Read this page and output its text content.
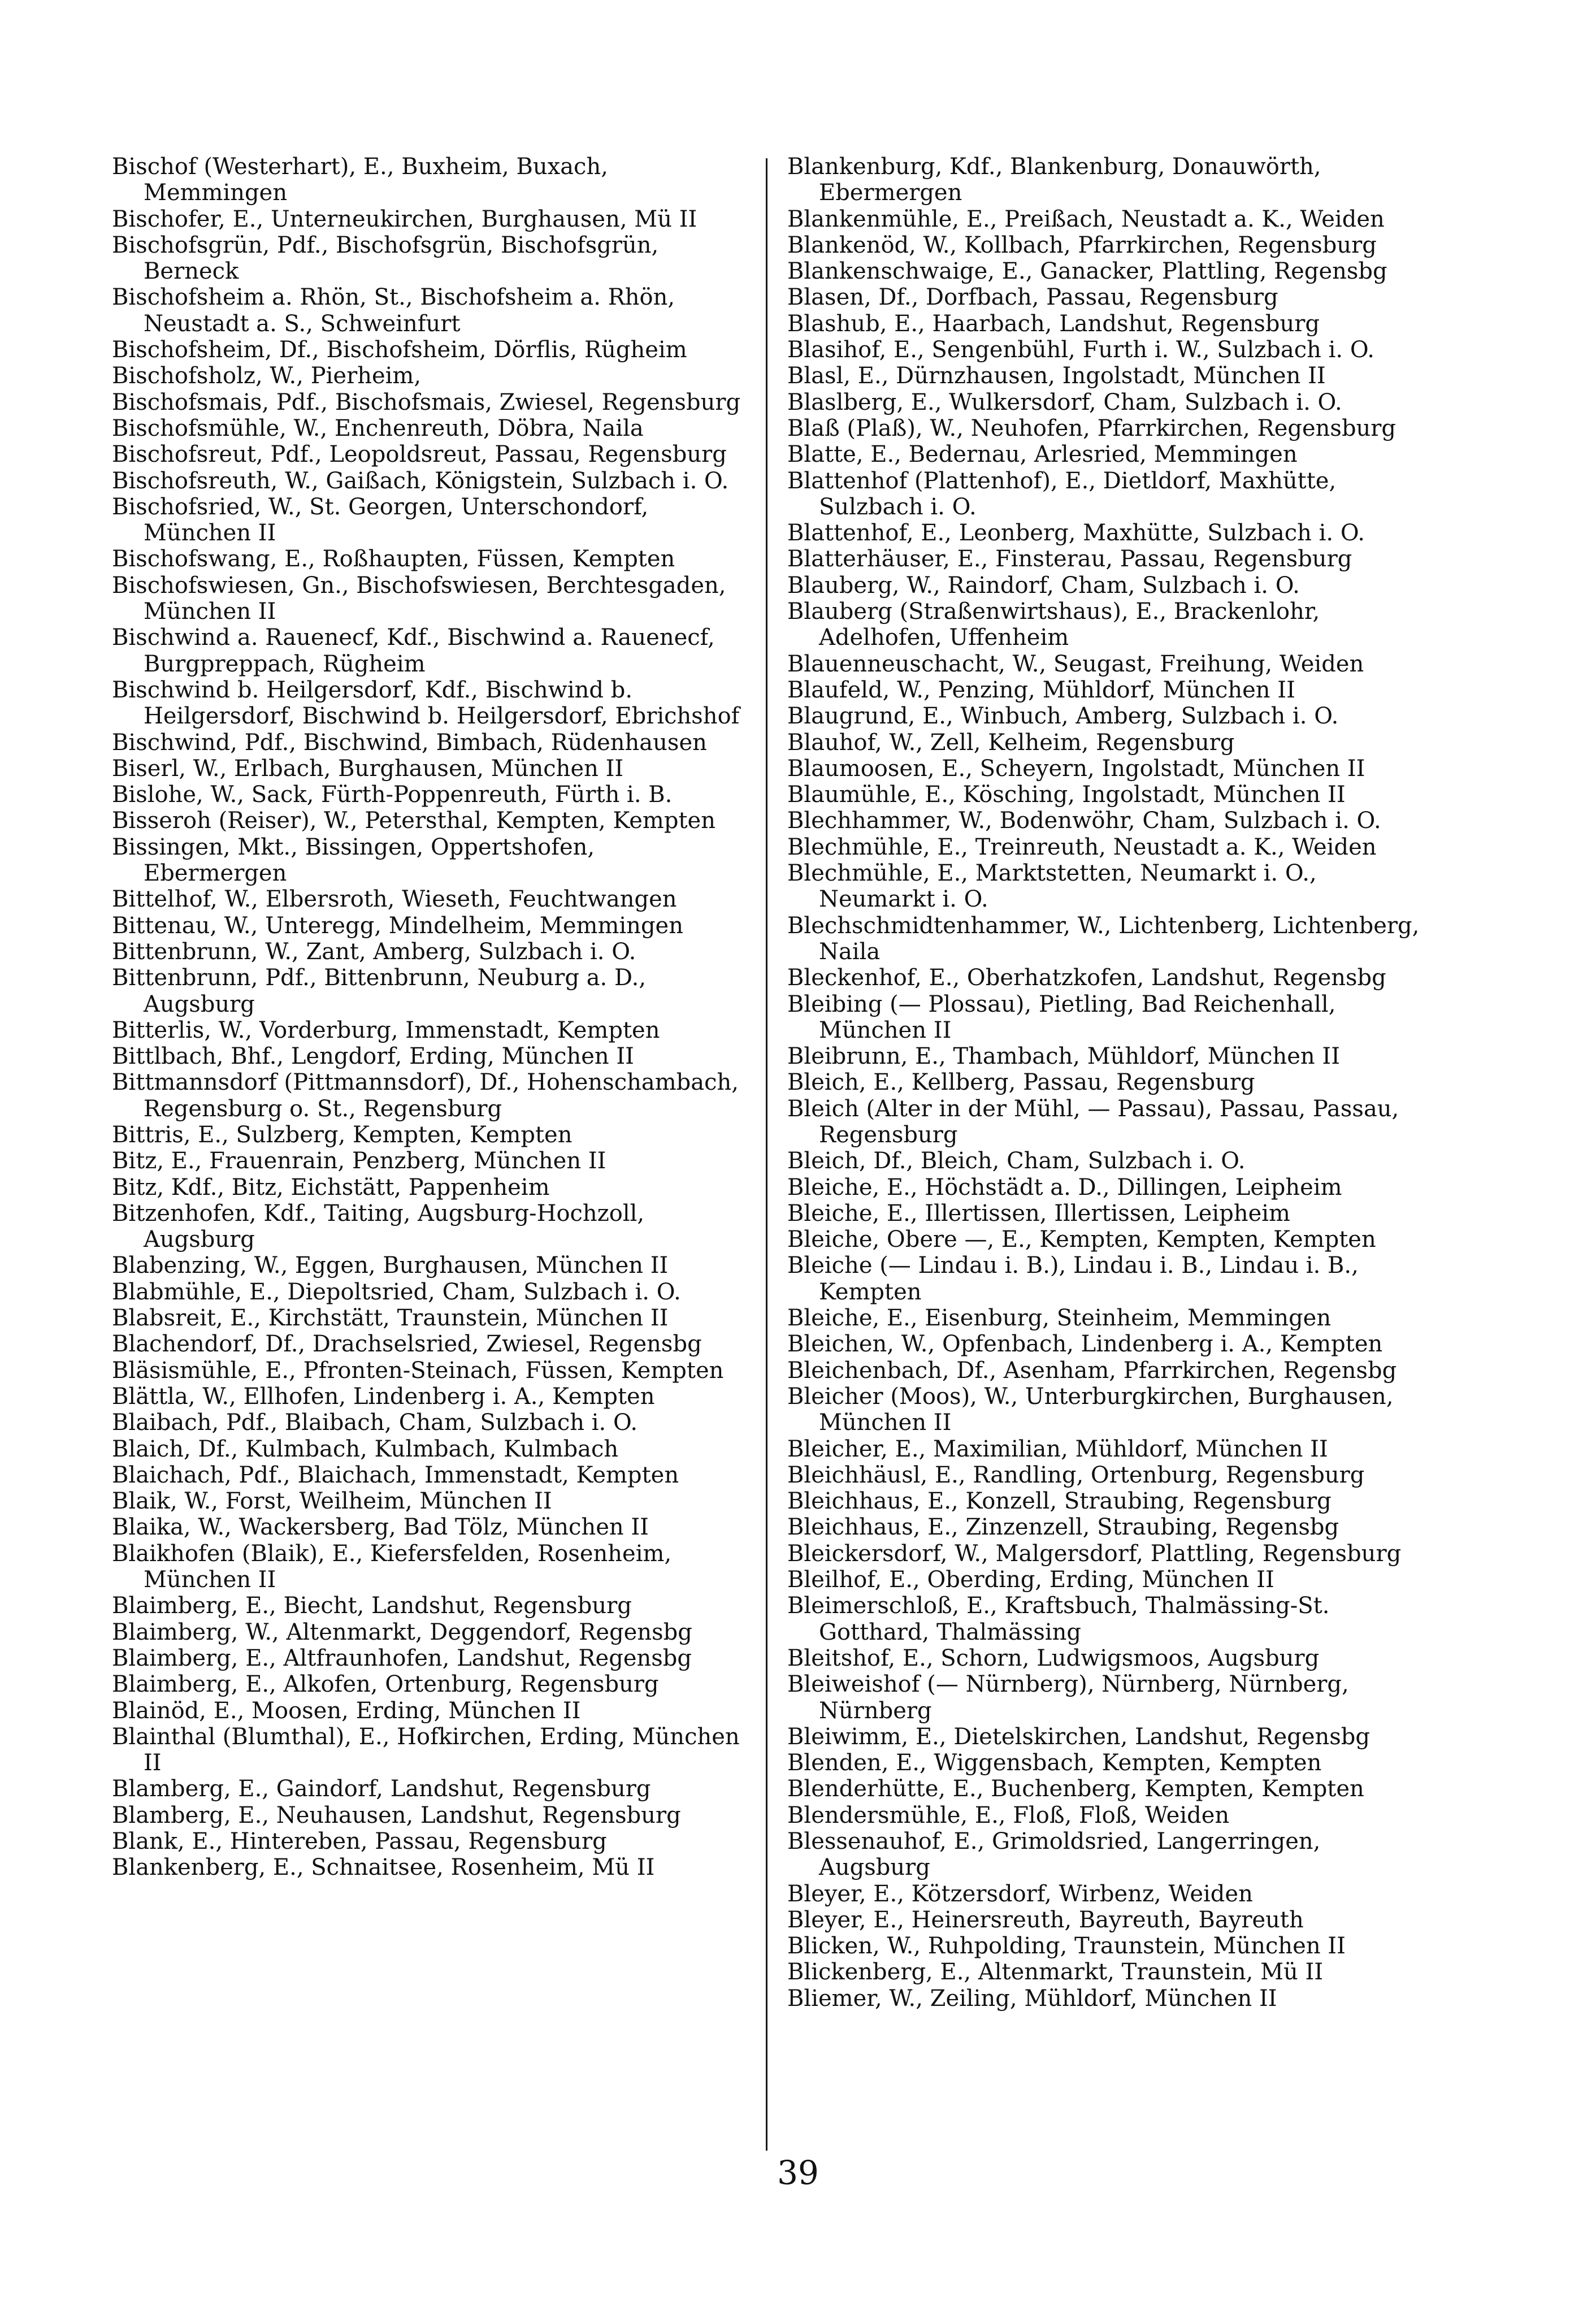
Bischof (Westerhart), E., Buxheim, Buxach, Memmingen
Bischofer, E., Unterneukirchen, Burghausen, Mü II
Bischofsgrün, Pdf., Bischofsgrün, Bischofsgrün, Berneck
Bischofsheim a. Rhön, St., Bischofsheim a. Rhön, Neustadt a. S., Schweinfurt
Bischofsheim, Df., Bischofsheim, Dörflis, Rügheim
Bischofsholz, W., Pierheim,
Bischofsmais, Pdf., Bischofsmais, Zwiesel, Regensburg
Bischofsmühle, W., Enchenreuth, Döbra, Naila
Bischofsreut, Pdf., Leopoldsreut, Passau, Regensburg
Bischofsreuth, W., Gaißach, Königstein, Sulzbach i. O.
Bischofsried, W., St. Georgen, Unterschondorf, München II
Bischofswang, E., Roßhaupten, Füssen, Kempten
Bischofswiesen, Gn., Bischofswiesen, Berchtesgaden, München II
Bischwind a. Rauenecf, Kdf., Bischwind a. Rauenecf, Burgpreppach, Rügheim
Bischwind b. Heilgersdorf, Kdf., Bischwind b. Heilgersdorf, Bischwind b. Heilgersdorf, Ebrichshof
Bischwind, Pdf., Bischwind, Bimbach, Rüdenhausen
Biserl, W., Erlbach, Burghausen, München II
Bislohe, W., Sack, Fürth-Poppenreuth, Fürth i. B.
Bisseroh (Reiser), W., Petersthal, Kempten, Kempten
Bissingen, Mkt., Bissingen, Oppertshofen, Ebermergen
Bittelhof, W., Elbersroth, Wieseth, Feuchtwangen
Bittenau, W., Unteregg, Mindelheim, Memmingen
Bittenbrunn, W., Zant, Amberg, Sulzbach i. O.
Bittenbrunn, Pdf., Bittenbrunn, Neuburg a. D., Augsburg
Bitterlis, W., Vorderburg, Immenstadt, Kempten
Bittlbach, Bhf., Lengdorf, Erding, München II
Bittmannsdorf (Pittmannsdorf), Df., Hohenschambach, Regensburg o. St., Regensburg
Bittris, E., Sulzberg, Kempten, Kempten
Bitz, E., Frauenrain, Penzberg, München II
Bitz, Kdf., Bitz, Eichstätt, Pappenheim
Bitzenhofen, Kdf., Taiting, Augsburg-Hochzoll, Augsburg
Blabenzing, W., Eggen, Burghausen, München II
Blabmühle, E., Diepoltsried, Cham, Sulzbach i. O.
Blabsreit, E., Kirchstätt, Traunstein, München II
Blachendorf, Df., Drachselsried, Zwiesel, Regensbg
Bläsismühle, E., Pfronten-Steinach, Füssen, Kempten
Blättla, W., Ellhofen, Lindenberg i. A., Kempten
Blaibach, Pdf., Blaibach, Cham, Sulzbach i. O.
Blaich, Df., Kulmbach, Kulmbach, Kulmbach
Blaichach, Pdf., Blaichach, Immenstadt, Kempten
Blaik, W., Forst, Weilheim, München II
Blaika, W., Wackersberg, Bad Tölz, München II
Blaikhofen (Blaik), E., Kiefersfelden, Rosenheim, München II
Blaimberg, E., Biecht, Landshut, Regensburg
Blaimberg, W., Altenmarkt, Deggendorf, Regensbg
Blaimberg, E., Altfraunhofen, Landshut, Regensbg
Blaimberg, E., Alkofen, Ortenburg, Regensburg
Blainöd, E., Moosen, Erding, München II
Blainthal (Blumthal), E., Hofkirchen, Erding, München II
Blamberg, E., Gaindorf, Landshut, Regensburg
Blamberg, E., Neuhausen, Landshut, Regensburg
Blank, E., Hintereben, Passau, Regensburg
Blankenberg, E., Schnaitsee, Rosenheim, Mü II
Blankenburg, Kdf., Blankenburg, Donauwörth, Ebermergen
Blankenmühle, E., Preißach, Neustadt a. K., Weiden
Blankenöd, W., Kollbach, Pfarrkirchen, Regensburg
Blankenschwaige, E., Ganacker, Plattling, Regensbg
Blasen, Df., Dorfbach, Passau, Regensburg
Blashub, E., Haarbach, Landshut, Regensburg
Blasihof, E., Sengenbühl, Furth i. W., Sulzbach i. O.
Blasl, E., Dürnzhausen, Ingolstadt, München II
Blaslberg, E., Wulkersdorf, Cham, Sulzbach i. O.
Blaß (Plaß), W., Neuhofen, Pfarrkirchen, Regensburg
Blatte, E., Bedernau, Arlesried, Memmingen
Blattenhof (Plattenhof), E., Dietldorf, Maxhütte, Sulzbach i. O.
Blattenhof, E., Leonberg, Maxhütte, Sulzbach i. O.
Blatterhäuser, E., Finsterau, Passau, Regensburg
Blauberg, W., Raindorf, Cham, Sulzbach i. O.
Blauberg (Straßenwirtshaus), E., Brackenlohr, Adelhofen, Uffenheim
Blauenneuschacht, W., Seugast, Freihung, Weiden
Blaufeld, W., Penzing, Mühldorf, München II
Blaugrund, E., Winbuch, Amberg, Sulzbach i. O.
Blauhof, W., Zell, Kelheim, Regensburg
Blaumoosen, E., Scheyern, Ingolstadt, München II
Blaumühle, E., Kösching, Ingolstadt, München II
Blechhammer, W., Bodenwöhr, Cham, Sulzbach i. O.
Blechmühle, E., Treinreuth, Neustadt a. K., Weiden
Blechmühle, E., Marktstetten, Neumarkt i. O., Neumarkt i. O.
Blechschmidtenhammer, W., Lichtenberg, Lichtenberg, Naila
Bleckenhof, E., Oberhatzkofen, Landshut, Regensbg
Bleibing (— Plossau), Pietling, Bad Reichenhall, München II
Bleibrunn, E., Thambach, Mühldorf, München II
Bleich, E., Kellberg, Passau, Regensburg
Bleich (Alter in der Mühl, — Passau), Passau, Passau, Regensburg
Bleich, Df., Bleich, Cham, Sulzbach i. O.
Bleiche, E., Höchstädt a. D., Dillingen, Leipheim
Bleiche, E., Illertissen, Illertissen, Leipheim
Bleiche, Obere —, E., Kempten, Kempten, Kempten
Bleiche (— Lindau i. B.), Lindau i. B., Lindau i. B., Kempten
Bleiche, E., Eisenburg, Steinheim, Memmingen
Bleichen, W., Opfenbach, Lindenberg i. A., Kempten
Bleichenbach, Df., Asenham, Pfarrkirchen, Regensbg
Bleicher (Moos), W., Unterburgkirchen, Burghausen, München II
Bleicher, E., Maximilian, Mühldorf, München II
Bleichhäusl, E., Randling, Ortenburg, Regensburg
Bleichhaus, E., Konzell, Straubing, Regensburg
Bleichhaus, E., Zinzenzell, Straubing, Regensbg
Bleickersdorf, W., Malgersdorf, Plattling, Regensburg
Bleilhof, E., Oberding, Erding, München II
Bleimerschloß, E., Kraftsbuch, Thalmässing-St. Gotthard, Thalmässing
Bleitshof, E., Schorn, Ludwigsmoos, Augsburg
Bleiweishof (— Nürnberg), Nürnberg, Nürnberg, Nürnberg
Bleiwimm, E., Dietelskirchen, Landshut, Regensbg
Blenden, E., Wiggensbach, Kempten, Kempten
Blenderhütte, E., Buchenberg, Kempten, Kempten
Blendersmühle, E., Floß, Floß, Weiden
Blessenauhof, E., Grimoldsried, Langerringen, Augsburg
Bleyer, E., Kötzersdorf, Wirbenz, Weiden
Bleyer, E., Heinersreuth, Bayreuth, Bayreuth
Blicken, W., Ruhpolding, Traunstein, München II
Blickenberg, E., Altenmarkt, Traunstein, Mü II
Bliemer, W., Zeiling, Mühldorf, München II
39
